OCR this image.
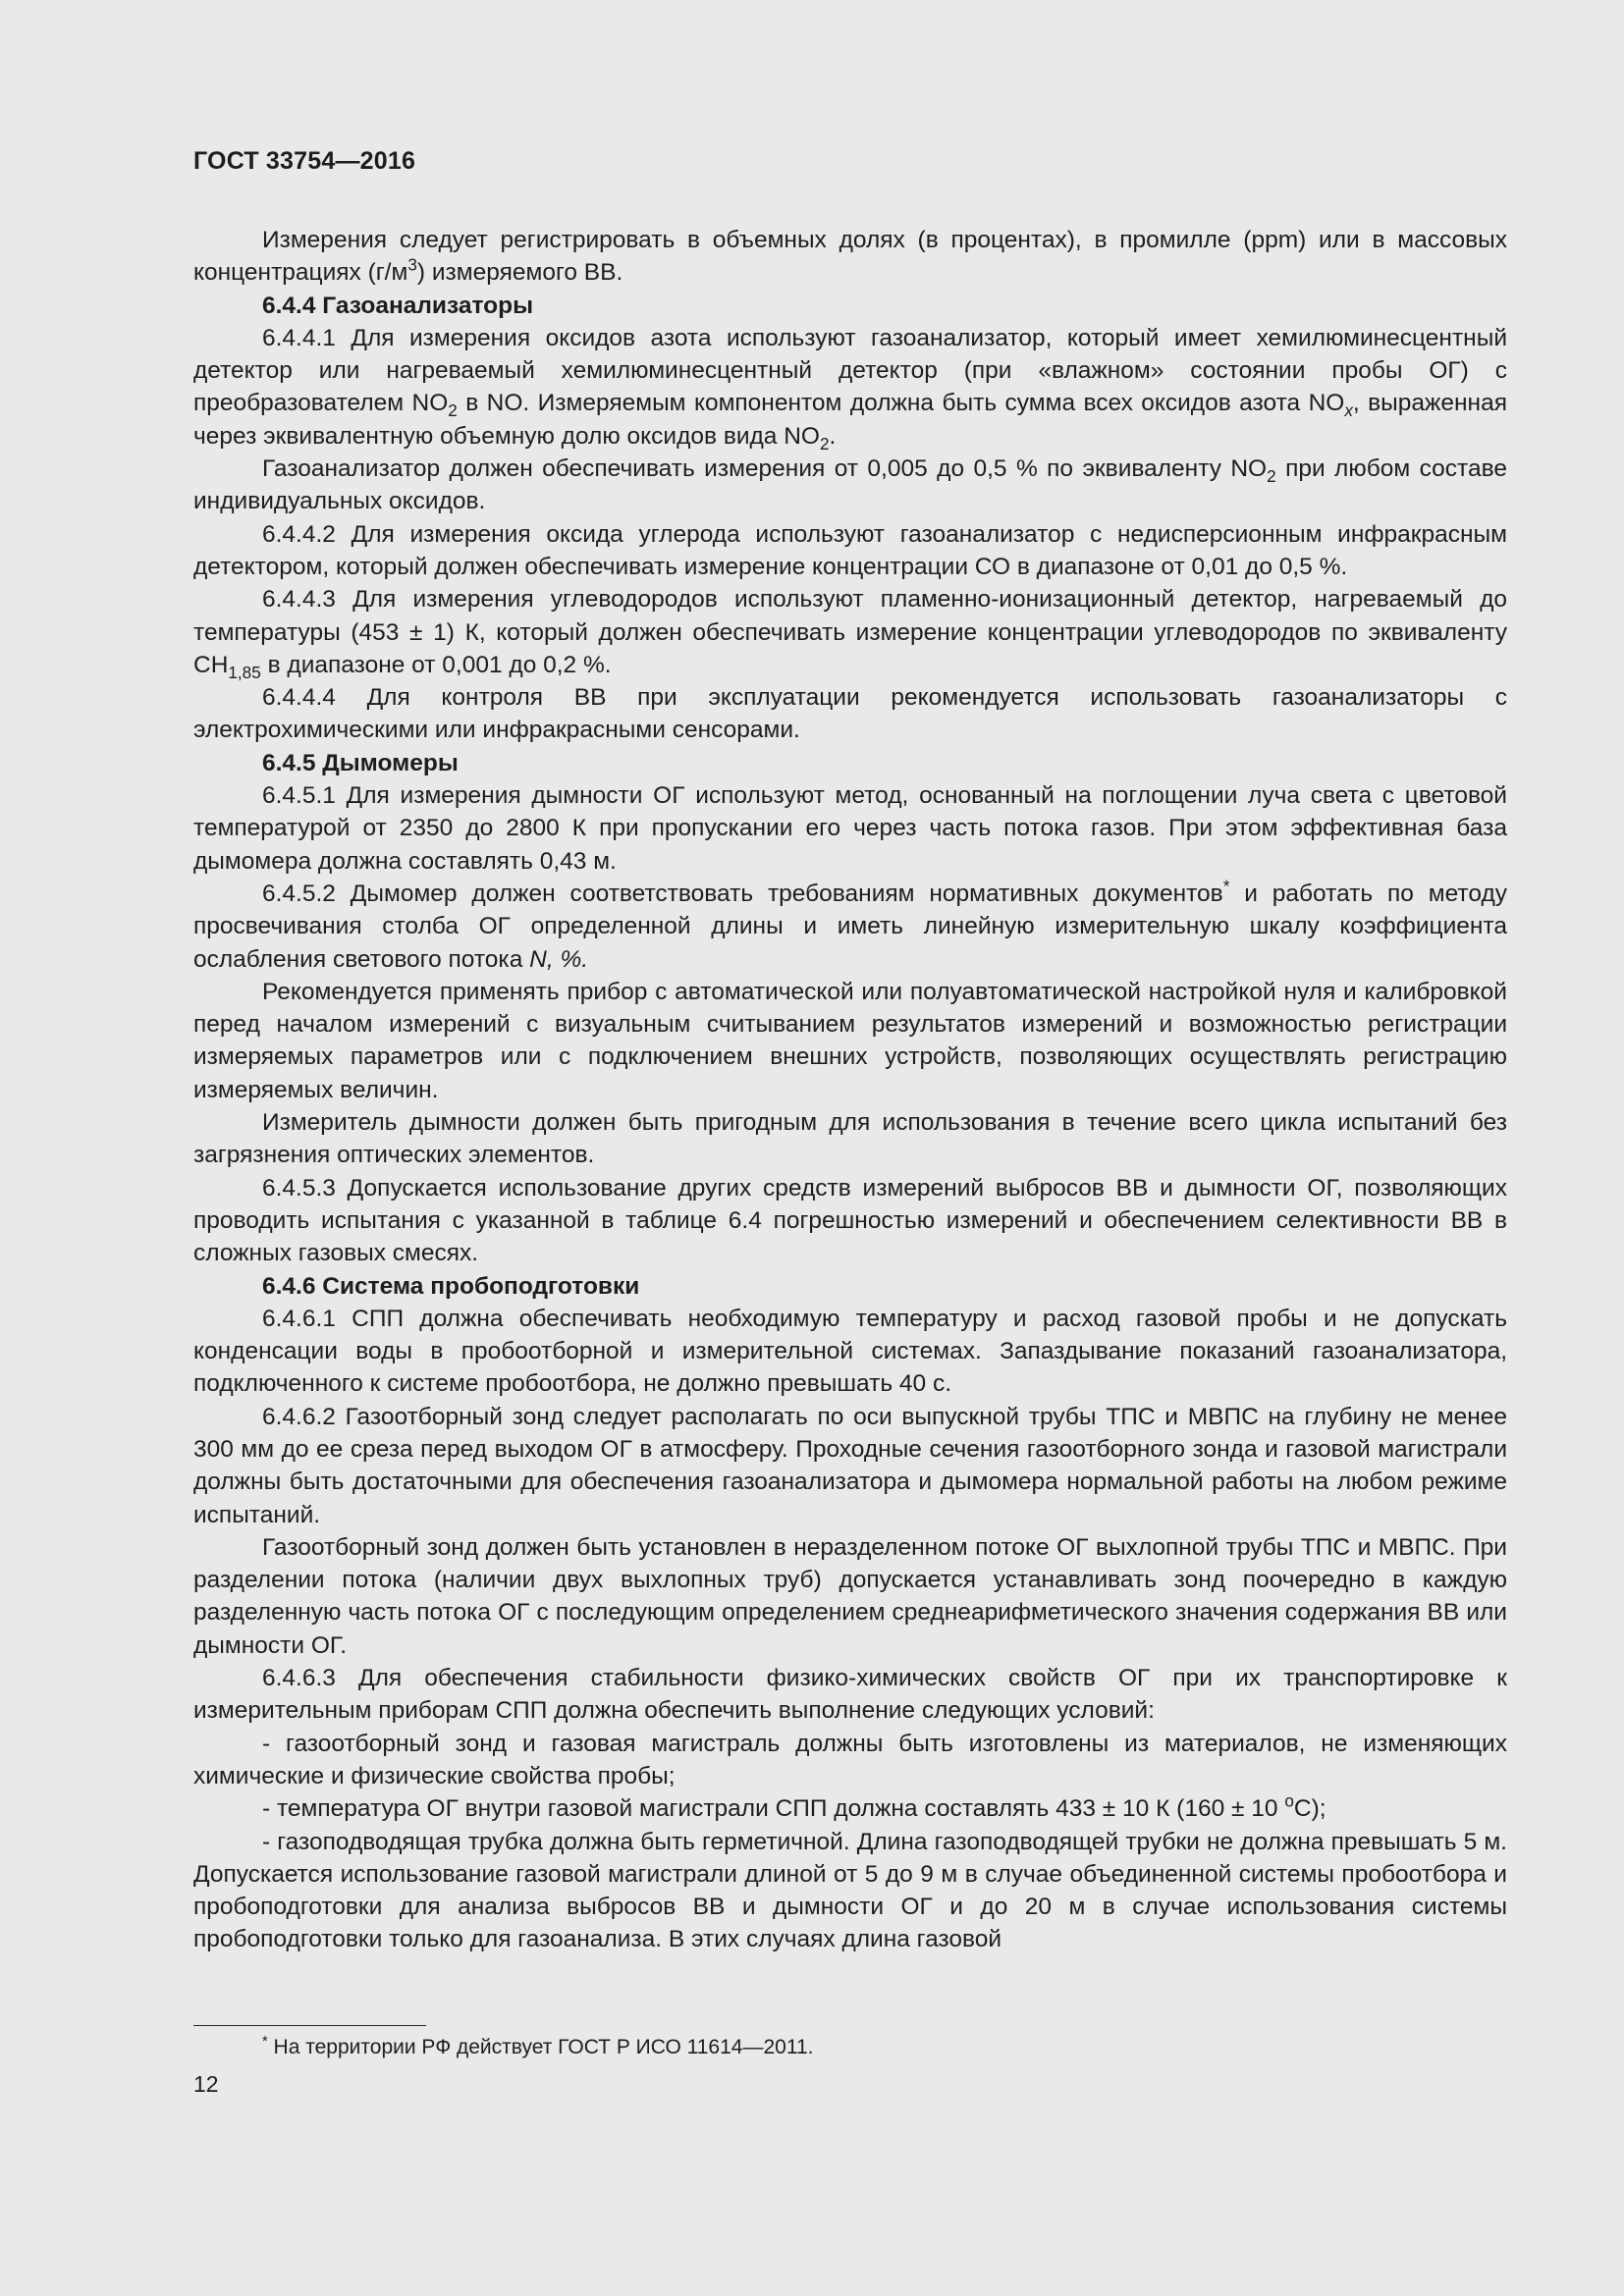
ГОСТ 33754—2016

Измерения следует регистрировать в объемных долях (в процентах), в промилле (ppm) или в массовых концентрациях $(г/м^3)$ измеряемого ВВ.

6.4.4 Газоанализаторы

6.4.4.1 Для измерения оксидов азота используют газоанализатор, который имеет хемилюминесцентный детектор или нагреваемый хемилюминесцентный детектор (при «влажном» состоянии пробы ОГ) с преобразователем $NO_2$ в NO. Измеряемым компонентом должна быть сумма всех оксидов азота $NO_x$, выраженная через эквивалентную объемную долю оксидов вида $NO_2$.

Газоанализатор должен обеспечивать измерения от 0,005 до 0,5 % по эквиваленту $NO_2$ при любом составе индивидуальных оксидов.

6.4.4.2 Для измерения оксида углерода используют газоанализатор с недисперсионным инфракрасным детектором, который должен обеспечивать измерение концентрации СО в диапазоне от 0,01 до 0,5 %.

6.4.4.3 Для измерения углеводородов используют пламенно-ионизационный детектор, нагреваемый до температуры (453 ± 1) К, который должен обеспечивать измерение концентрации углеводородов по эквиваленту $СН_{1,85}$ в диапазоне от 0,001 до 0,2 %.

6.4.4.4 Для контроля ВВ при эксплуатации рекомендуется использовать газоанализаторы с электрохимическими или инфракрасными сенсорами.

6.4.5 Дымомеры

6.4.5.1 Для измерения дымности ОГ используют метод, основанный на поглощении луча света с цветовой температурой от 2350 до 2800 К при пропускании его через часть потока газов. При этом эффективная база дымомера должна составлять 0,43 м.

6.4.5.2 Дымомер должен соответствовать требованиям нормативных документов* и работать по методу просвечивания столба ОГ определенной длины и иметь линейную измерительную шкалу коэффициента ослабления светового потока N, %.

Рекомендуется применять прибор с автоматической или полуавтоматической настройкой нуля и калибровкой перед началом измерений с визуальным считыванием результатов измерений и возможностью регистрации измеряемых параметров или с подключением внешних устройств, позволяющих осуществлять регистрацию измеряемых величин.

Измеритель дымности должен быть пригодным для использования в течение всего цикла испытаний без загрязнения оптических элементов.

6.4.5.3 Допускается использование других средств измерений выбросов ВВ и дымности ОГ, позволяющих проводить испытания с указанной в таблице 6.4 погрешностью измерений и обеспечением селективности ВВ в сложных газовых смесях.

6.4.6 Система пробоподготовки

6.4.6.1 СПП должна обеспечивать необходимую температуру и расход газовой пробы и не допускать конденсации воды в пробоотборной и измерительной системах. Запаздывание показаний газоанализатора, подключенного к системе пробоотбора, не должно превышать 40 с.

6.4.6.2 Газоотборный зонд следует располагать по оси выпускной трубы ТПС и МВПС на глубину не менее 300 мм до ее среза перед выходом ОГ в атмосферу. Проходные сечения газоотборного зонда и газовой магистрали должны быть достаточными для обеспечения газоанализатора и дымомера нормальной работы на любом режиме испытаний.

Газоотборный зонд должен быть установлен в неразделенном потоке ОГ выхлопной трубы ТПС и МВПС. При разделении потока (наличии двух выхлопных труб) допускается устанавливать зонд поочередно в каждую разделенную часть потока ОГ с последующим определением среднеарифметического значения содержания ВВ или дымности ОГ.

6.4.6.3 Для обеспечения стабильности физико-химических свойств ОГ при их транспортировке к измерительным приборам СПП должна обеспечить выполнение следующих условий:

- газоотборный зонд и газовая магистраль должны быть изготовлены из материалов, не изменяющих химические и физические свойства пробы;

- температура ОГ внутри газовой магистрали СПП должна составлять 433 ± 10 К (160 ± 10 $^о$С);

- газоподводящая трубка должна быть герметичной. Длина газоподводящей трубки не должна превышать 5 м. Допускается использование газовой магистрали длиной от 5 до 9 м в случае объединенной системы пробоотбора и пробоподготовки для анализа выбросов ВВ и дымности ОГ и до 20 м в случае использования системы пробоподготовки только для газоанализа. В этих случаях длина газовой

* На территории РФ действует ГОСТ Р ИСО 11614—2011.
12
